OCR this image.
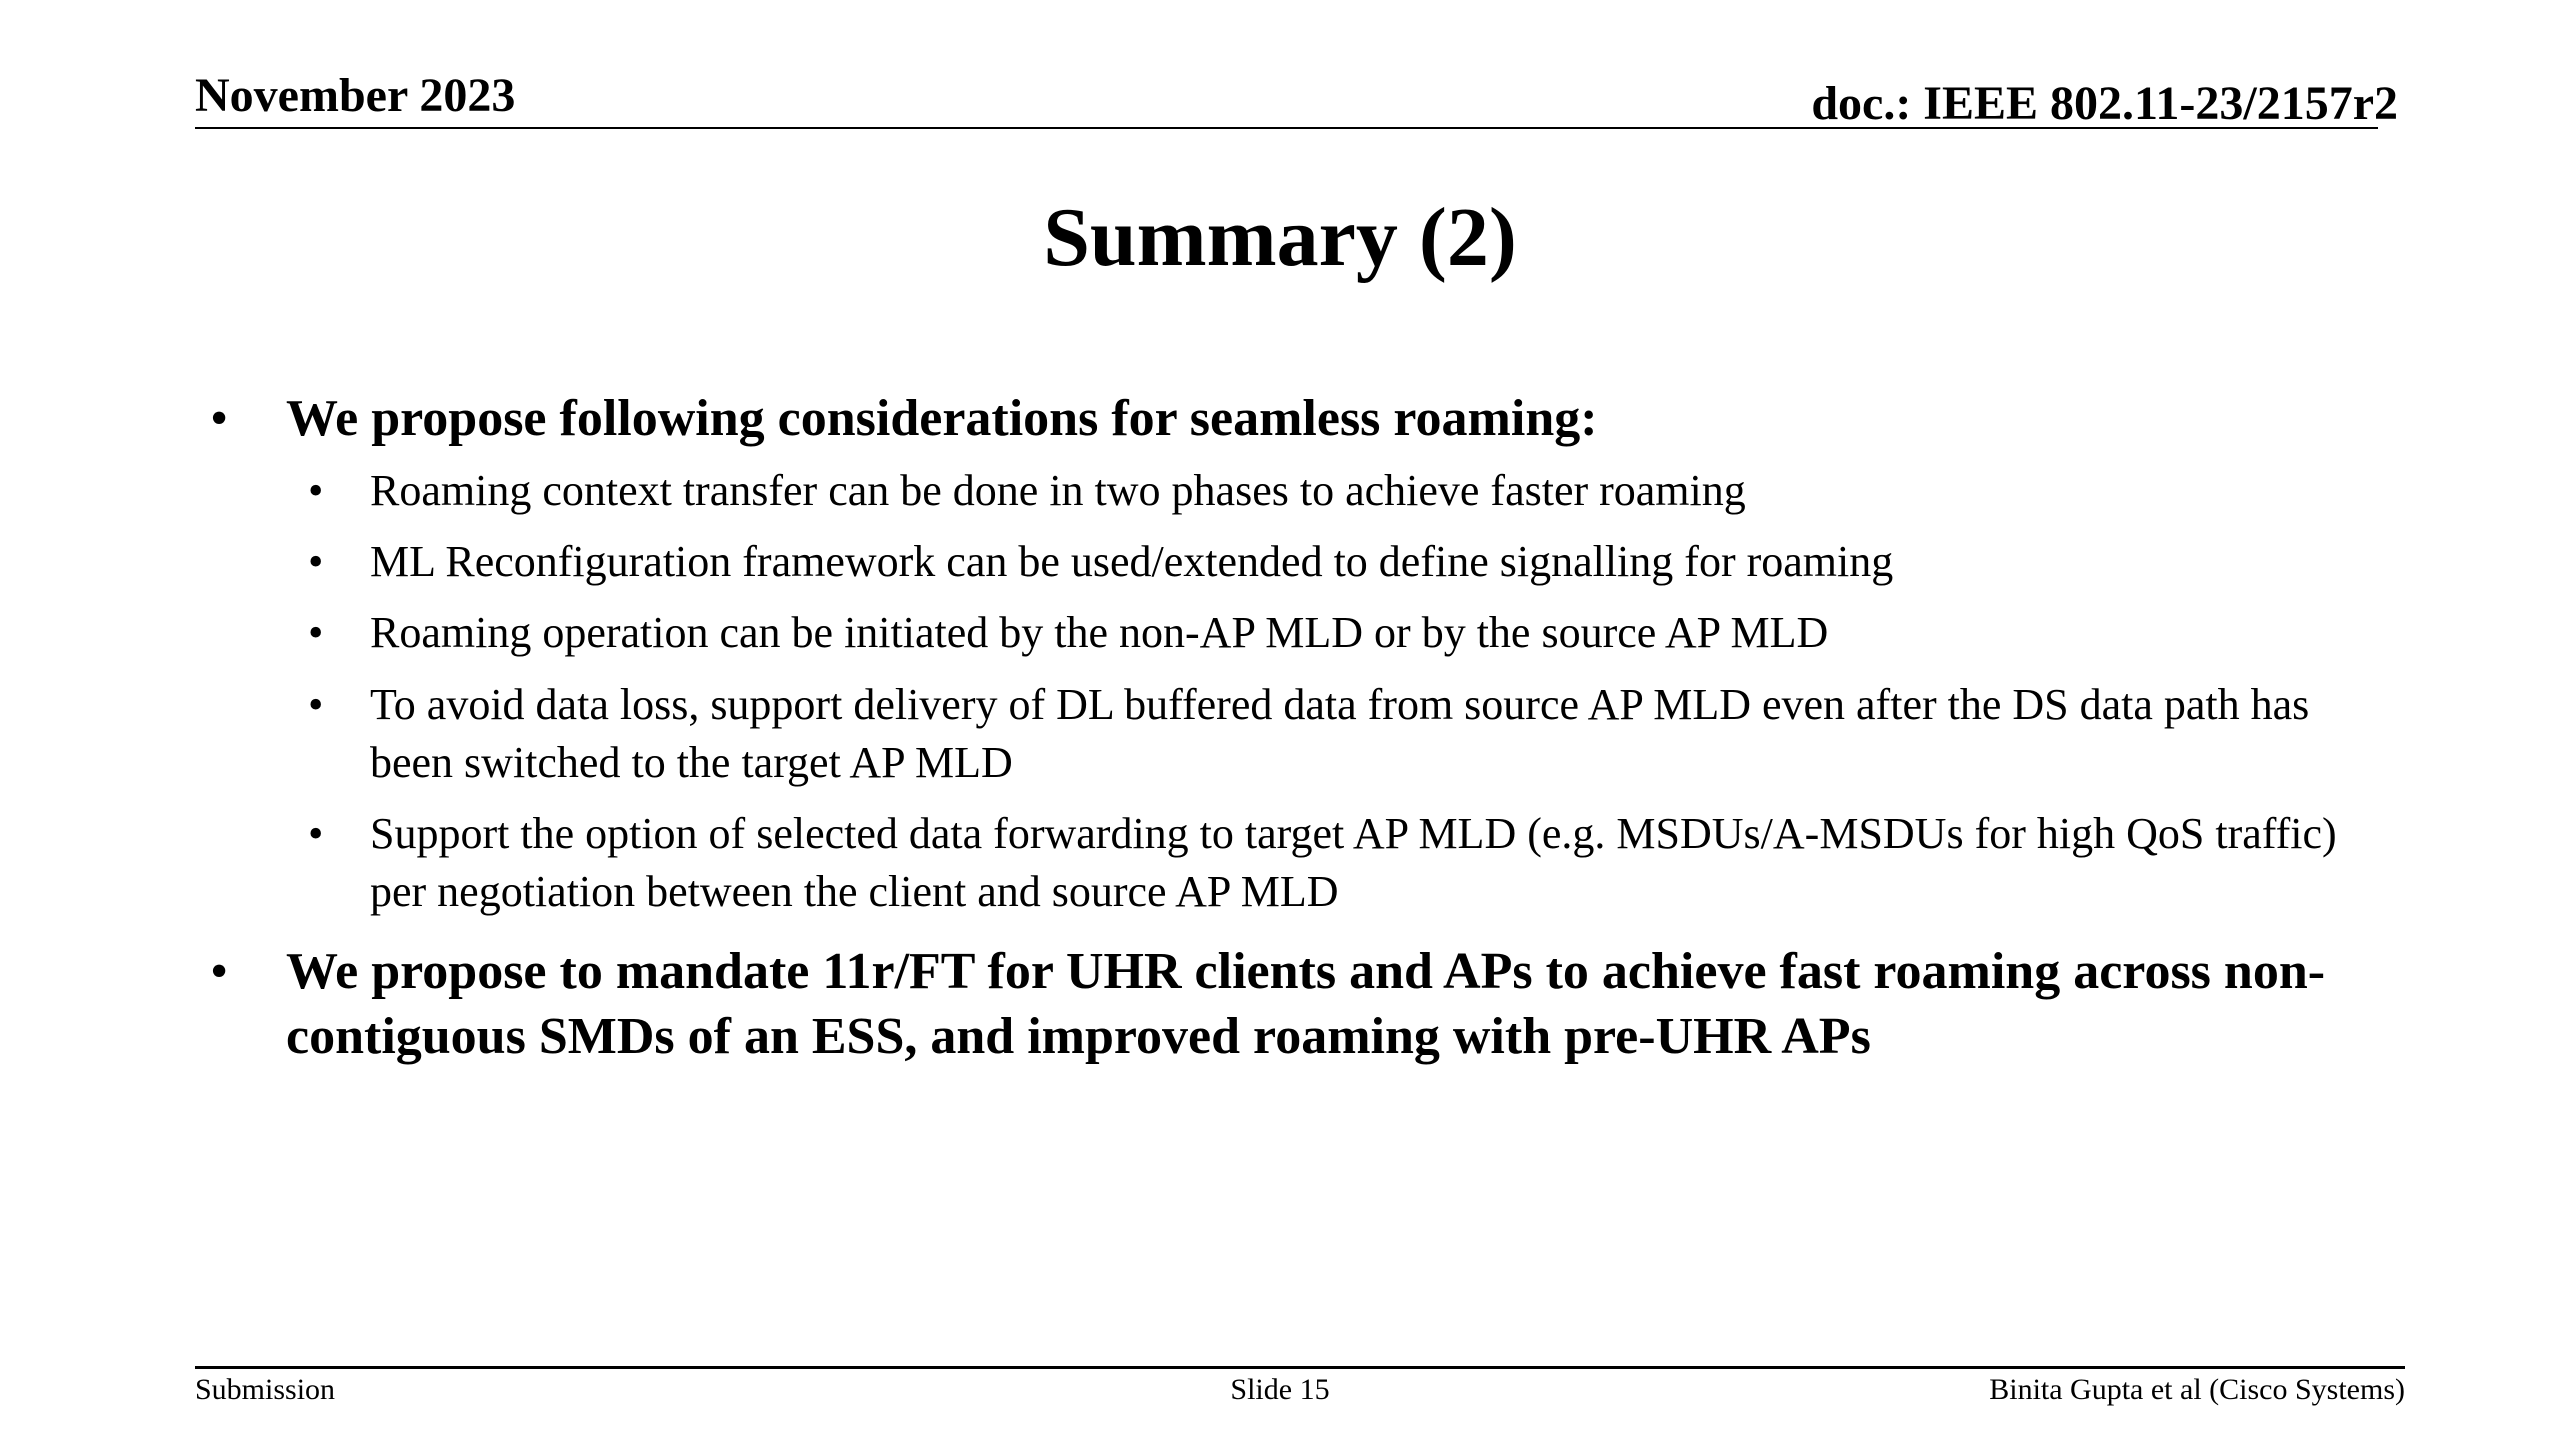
November 2023	doc.: IEEE 802.11-23/2157r2
Summary (2)
• We propose following considerations for seamless roaming:
• Roaming context transfer can be done in two phases to achieve faster roaming
• ML Reconfiguration framework can be used/extended to define signalling for roaming
• Roaming operation can be initiated by the non-AP MLD or by the source AP MLD
• To avoid data loss, support delivery of DL buffered data from source AP MLD even after the DS data path has been switched to the target AP MLD
• Support the option of selected data forwarding to target AP MLD (e.g. MSDUs/A-MSDUs for high QoS traffic) per negotiation between the client and source AP MLD
• We propose to mandate 11r/FT for UHR clients and APs to achieve fast roaming across non-contiguous SMDs of an ESS, and improved roaming with pre-UHR APs
Submission	Slide 15	Binita Gupta et al (Cisco Systems)
